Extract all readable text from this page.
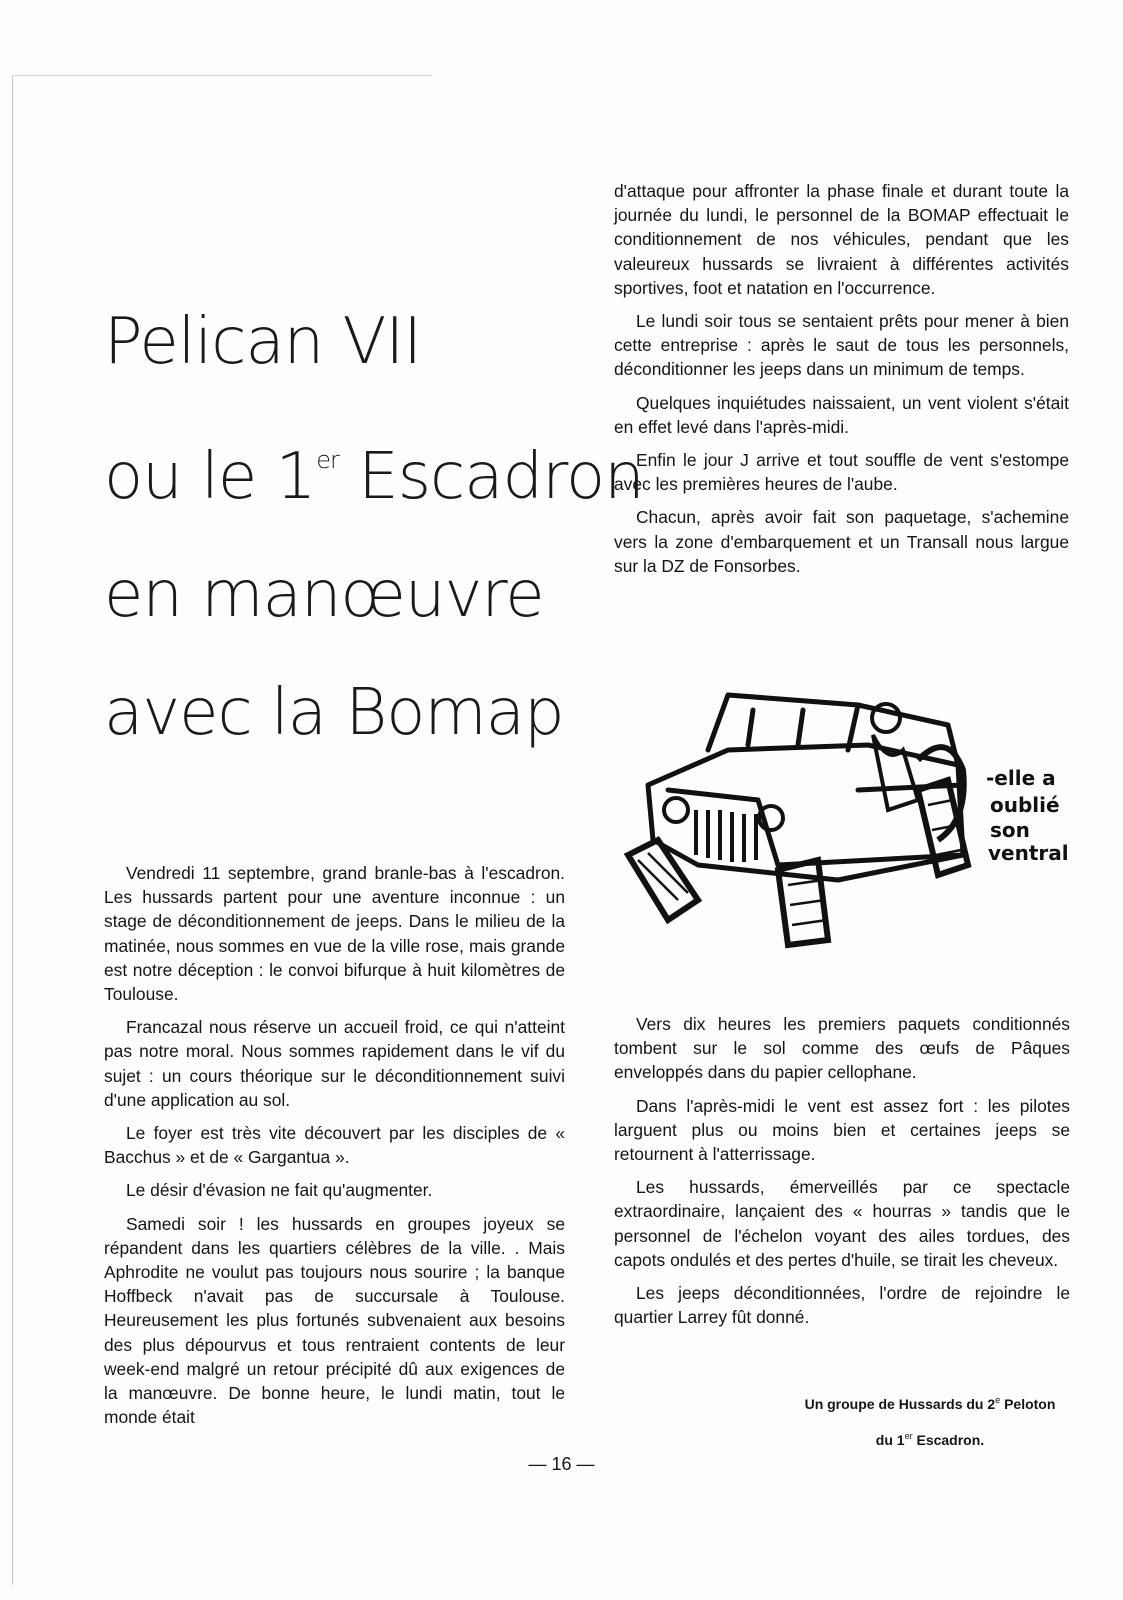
Pelican VII
ou le 1er Escadron
en manœuvre
avec la Bomap

d'attaque pour affronter la phase finale et durant toute la journée du lundi, le personnel de la BOMAP effectuait le conditionnement de nos véhicules, pendant que les valeureux hussards se livraient à différentes activités sportives, foot et natation en l'occurrence.

Le lundi soir tous se sentaient prêts pour mener à bien cette entreprise : après le saut de tous les personnels, déconditionner les jeeps dans un minimum de temps.

Quelques inquiétudes naissaient, un vent violent s'était en effet levé dans l'après-midi.

Enfin le jour J arrive et tout souffle de vent s'estompe avec les premières heures de l'aube.

Chacun, après avoir fait son paquetage, s'achemine vers la zone d'embarquement et un Transall nous largue sur la DZ de Fonsorbes.

-elle a
oublié
son
ventral

Vendredi 11 septembre, grand branle-bas à l'escadron. Les hussards partent pour une aventure inconnue : un stage de déconditionnement de jeeps. Dans le milieu de la matinée, nous sommes en vue de la ville rose, mais grande est notre déception : le convoi bifurque à huit kilomètres de Toulouse.

Francazal nous réserve un accueil froid, ce qui n'atteint pas notre moral. Nous sommes rapidement dans le vif du sujet : un cours théorique sur le déconditionnement suivi d'une application au sol.

Le foyer est très vite découvert par les disciples de « Bacchus » et de « Gargantua ».

Le désir d'évasion ne fait qu'augmenter.

Samedi soir ! les hussards en groupes joyeux se répandent dans les quartiers célèbres de la ville. . Mais Aphrodite ne voulut pas toujours nous sourire ; la banque Hoffbeck n'avait pas de succursale à Toulouse. Heureusement les plus fortunés subvenaient aux besoins des plus dépourvus et tous rentraient contents de leur week-end malgré un retour précipité dû aux exigences de la manœuvre. De bonne heure, le lundi matin, tout le monde était

Vers dix heures les premiers paquets conditionnés tombent sur le sol comme des œufs de Pâques enveloppés dans du papier cellophane.

Dans l'après-midi le vent est assez fort : les pilotes larguent plus ou moins bien et certaines jeeps se retournent à l'atterrissage.

Les hussards, émerveillés par ce spectacle extraordinaire, lançaient des « hourras » tandis que le personnel de l'échelon voyant des ailes tordues, des capots ondulés et des pertes d'huile, se tirait les cheveux.

Les jeeps déconditionnées, l'ordre de rejoindre le quartier Larrey fût donné.

Un groupe de Hussards du 2e Peloton
du 1er Escadron.
— 16 —
